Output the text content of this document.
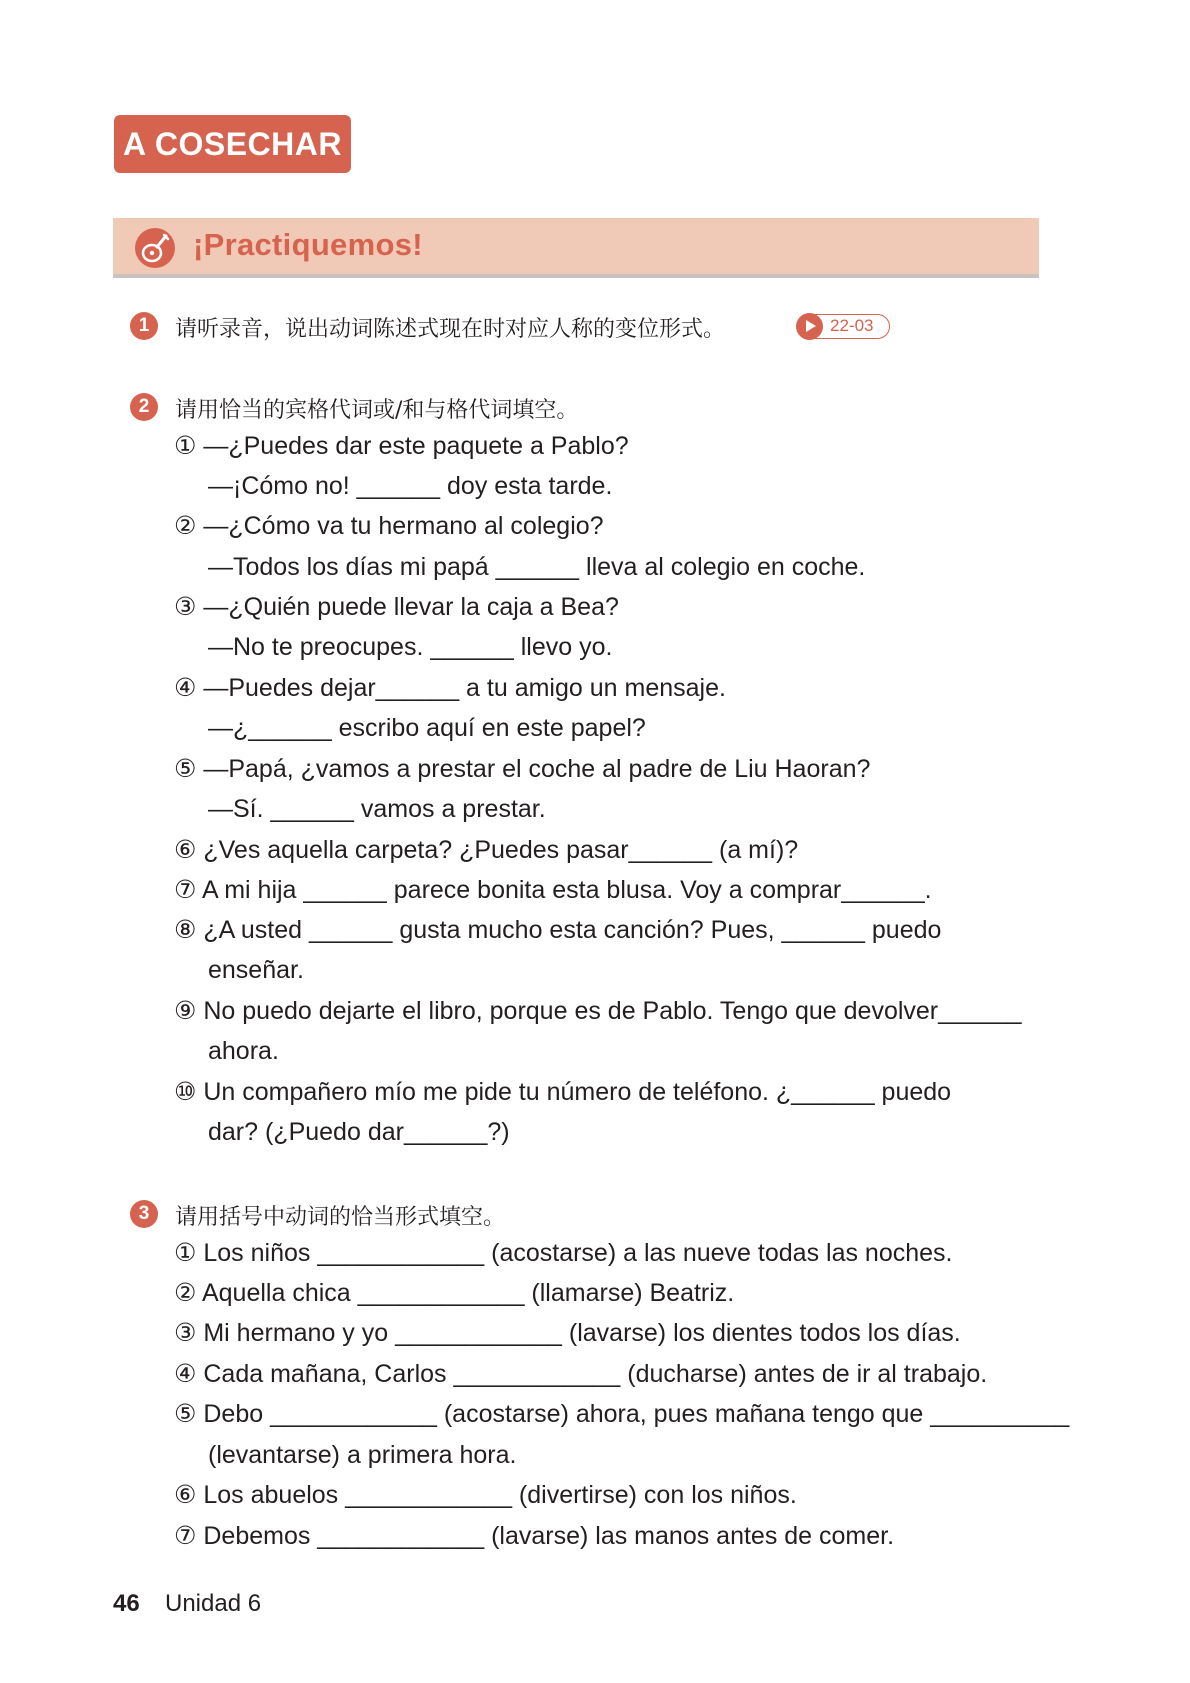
A COSECHAR
¡Practiquemos!
1	请听录音，说出动词陈述式现在时对应人称的变位形式。	22-03
2	请用恰当的宾格代词或/和与格代词填空。
① —¿Puedes dar este paquete a Pablo?
—¡Cómo no! ______ doy esta tarde.
② —¿Cómo va tu hermano al colegio?
—Todos los días mi papá ______ lleva al colegio en coche.
③ —¿Quién puede llevar la caja a Bea?
—No te preocupes. ______ llevo yo.
④ —Puedes dejar______ a tu amigo un mensaje.
—¿______ escribo aquí en este papel?
⑤ —Papá, ¿vamos a prestar el coche al padre de Liu Haoran?
—Sí. ______ vamos a prestar.
⑥ ¿Ves aquella carpeta? ¿Puedes pasar______ (a mí)?
⑦ A mi hija ______ parece bonita esta blusa. Voy a comprar______.
⑧ ¿A usted ______ gusta mucho esta canción? Pues, ______ puedo
enseñar.
⑨ No puedo dejarte el libro, porque es de Pablo. Tengo que devolver______
ahora.
⑩ Un compañero mío me pide tu número de teléfono. ¿______ puedo
dar? (¿Puedo dar______?)
3	请用括号中动词的恰当形式填空。
① Los niños ____________ (acostarse) a las nueve todas las noches.
② Aquella chica ____________ (llamarse) Beatriz.
③ Mi hermano y yo ____________ (lavarse) los dientes todos los días.
④ Cada mañana, Carlos ____________ (ducharse) antes de ir al trabajo.
⑤ Debo ____________ (acostarse) ahora, pues mañana tengo que __________
(levantarse) a primera hora.
⑥ Los abuelos ____________ (divertirse) con los niños.
⑦ Debemos ____________ (lavarse) las manos antes de comer.
46 Unidad 6
